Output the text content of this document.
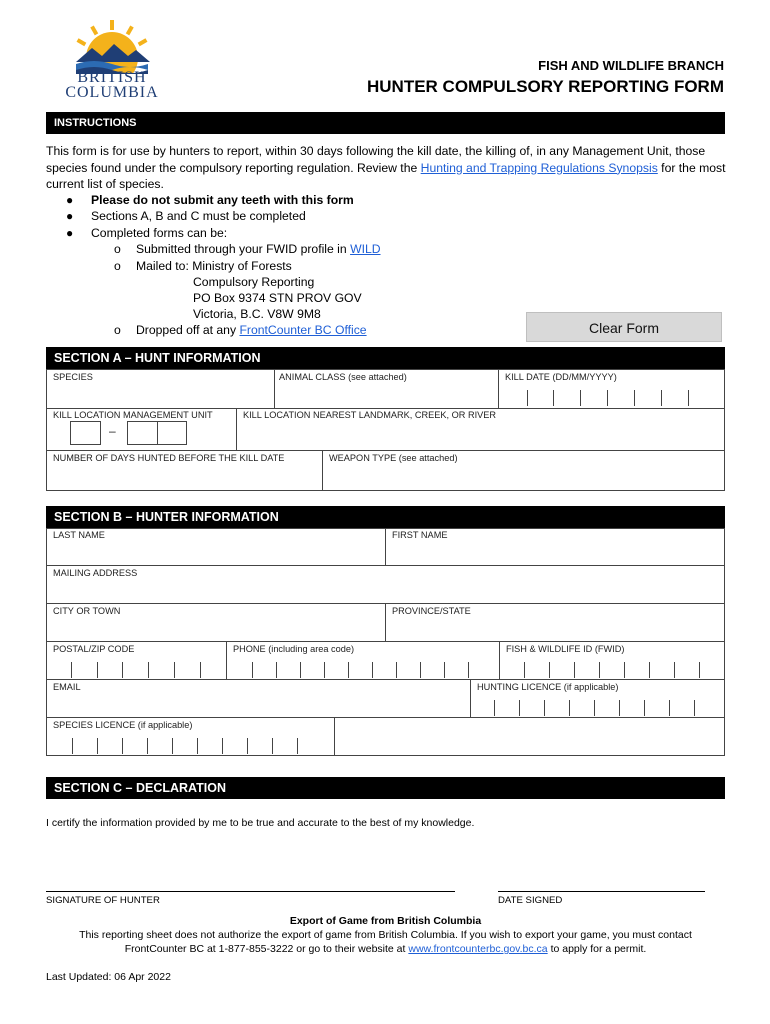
BRITISH
COLUMBIA
FISH AND WILDLIFE BRANCH
HUNTER COMPULSORY REPORTING FORM
INSTRUCTIONS
This form is for use by hunters to report, within 30 days following the kill date, the killing of, in any Management Unit, those species found under the compulsory reporting regulation. Review the Hunting and Trapping Regulations Synopsis for the most current list of species.
● Please do not submit any teeth with this form
● Sections A, B and C must be completed
● Completed forms can be:
o Submitted through your FWID profile in WILD
o Mailed to: Ministry of Forests
Compulsory Reporting
PO Box 9374 STN PROV GOV
Victoria, B.C. V8W 9M8
o Dropped off at any FrontCounter BC Office	Clear Form
SECTION A – HUNT INFORMATION
SPECIES	ANIMAL CLASS (see attached)	KILL DATE (DD/MM/YYYY)
KILL LOCATION MANAGEMENT UNIT
–
KILL LOCATION NEAREST LANDMARK, CREEK, OR RIVER
NUMBER OF DAYS HUNTED BEFORE THE KILL DATE	WEAPON TYPE (see attached)
SECTION B – HUNTER INFORMATION
LAST NAME	FIRST NAME
MAILING ADDRESS
CITY OR TOWN	PROVINCE/STATE
POSTAL/ZIP CODE	PHONE (including area code)	FISH & WILDLIFE ID (FWID)
EMAIL	HUNTING LICENCE (if applicable)
SPECIES LICENCE (if applicable)
SECTION C – DECLARATION
I certify the information provided by me to be true and accurate to the best of my knowledge.
SIGNATURE OF HUNTER	DATE SIGNED
Export of Game from British Columbia
This reporting sheet does not authorize the export of game from British Columbia. If you wish to export your game, you must contact
FrontCounter BC at 1-877-855-3222 or go to their website at www.frontcounterbc.gov.bc.ca to apply for a permit.
Last Updated: 06 Apr 2022
